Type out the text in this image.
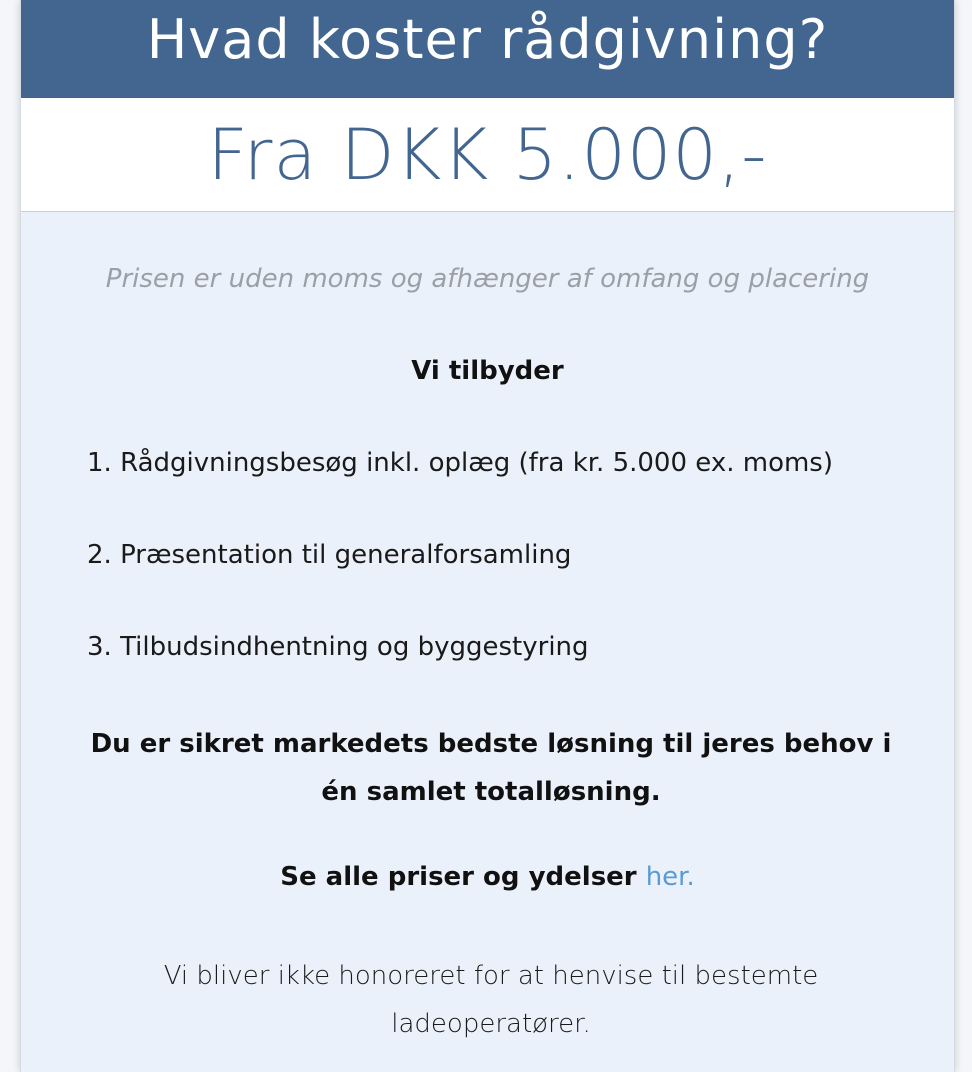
Hvad koster rådgivning?
Fra DKK 5.000,-
Prisen er uden moms og afhænger af omfang og placering
Vi tilbyder
1. Rådgivningsbesøg inkl. oplæg (fra kr. 5.000 ex. moms)
2. Præsentation til generalforsamling
3. Tilbudsindhentning og byggestyring
Du er sikret markedets bedste løsning til jeres behov i én samlet totalløsning.
Se alle priser og ydelser her.
Vi bliver ikke honoreret for at henvise til bestemte ladeoperatører.
